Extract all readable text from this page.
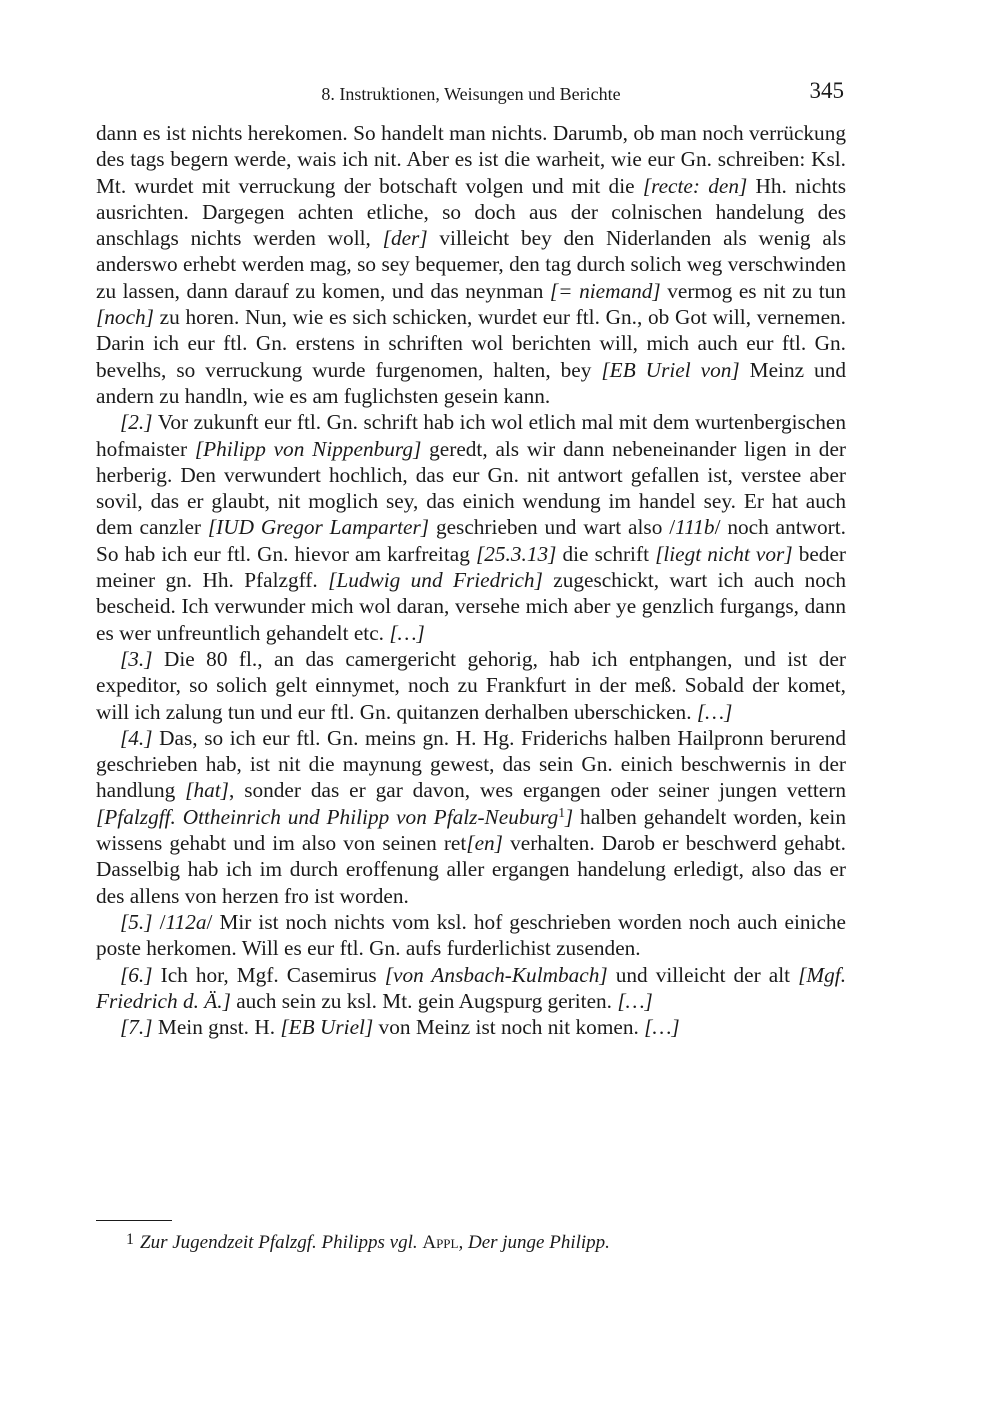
8. Instruktionen, Weisungen und Berichte	345

dann es ist nichts herekomen. So handelt man nichts. Darumb, ob man noch verrückung des tags begern werde, wais ich nit. Aber es ist die warheit, wie eur Gn. schreiben: Ksl. Mt. wurdet mit verruckung der botschaft volgen und mit die [recte: den] Hh. nichts ausrichten. Dargegen achten etliche, so doch aus der colnischen handelung des anschlags nichts werden woll, [der] villeicht bey den Niderlanden als wenig als anderswo erhebt werden mag, so sey bequemer, den tag durch solich weg verschwinden zu lassen, dann darauf zu komen, und das neynman [= niemand] vermog es nit zu tun [noch] zu horen. Nun, wie es sich schicken, wurdet eur ftl. Gn., ob Got will, vernemen. Darin ich eur ftl. Gn. erstens in schriften wol berichten will, mich auch eur ftl. Gn. bevelhs, so verruckung wurde furgenomen, halten, bey [EB Uriel von] Meinz und andern zu handln, wie es am fuglichsten gesein kann.

[2.] Vor zukunft eur ftl. Gn. schrift hab ich wol etlich mal mit dem wurtenbergischen hofmaister [Philipp von Nippenburg] geredt, als wir dann nebeneinander ligen in der herberig. Den verwundert hochlich, das eur Gn. nit antwort gefallen ist, verstee aber sovil, das er glaubt, nit moglich sey, das einich wendung im handel sey. Er hat auch dem canzler [IUD Gregor Lamparter] geschrieben und wart also /111b/ noch antwort. So hab ich eur ftl. Gn. hievor am karfreitag [25.3.13] die schrift [liegt nicht vor] beder meiner gn. Hh. Pfalzgff. [Ludwig und Friedrich] zugeschickt, wart ich auch noch bescheid. Ich verwunder mich wol daran, versehe mich aber ye genzlich furgangs, dann es wer unfreuntlich gehandelt etc. […]

[3.] Die 80 fl., an das camergericht gehorig, hab ich entphangen, und ist der expeditor, so solich gelt einnymet, noch zu Frankfurt in der meß. Sobald der komet, will ich zalung tun und eur ftl. Gn. quitanzen derhalben uberschicken. […]

[4.] Das, so ich eur ftl. Gn. meins gn. H. Hg. Friderichs halben Hailpronn berurend geschrieben hab, ist nit die maynung gewest, das sein Gn. einich beschwernis in der handlung [hat], sonder das er gar davon, wes ergangen oder seiner jungen vettern [Pfalzgff. Ottheinrich und Philipp von Pfalz-Neuburg$^1$] halben gehandelt worden, kein wissens gehabt und im also von seinen ret[en] verhalten. Darob er beschwerd gehabt. Dasselbig hab ich im durch eroffenung aller ergangen handelung erledigt, also das er des allens von herzen fro ist worden.

[5.] /112a/ Mir ist noch nichts vom ksl. hof geschrieben worden noch auch einiche poste herkomen. Will es eur ftl. Gn. aufs furderlichist zusenden.

[6.] Ich hor, Mgf. Casemirus [von Ansbach-Kulmbach] und villeicht der alt [Mgf. Friedrich d. Ä.] auch sein zu ksl. Mt. gein Augspurg geriten. […]

[7.] Mein gnst. H. [EB Uriel] von Meinz ist noch nit komen. […]

1 Zur Jugendzeit Pfalzgf. Philipps vgl. Appl, Der junge Philipp.
